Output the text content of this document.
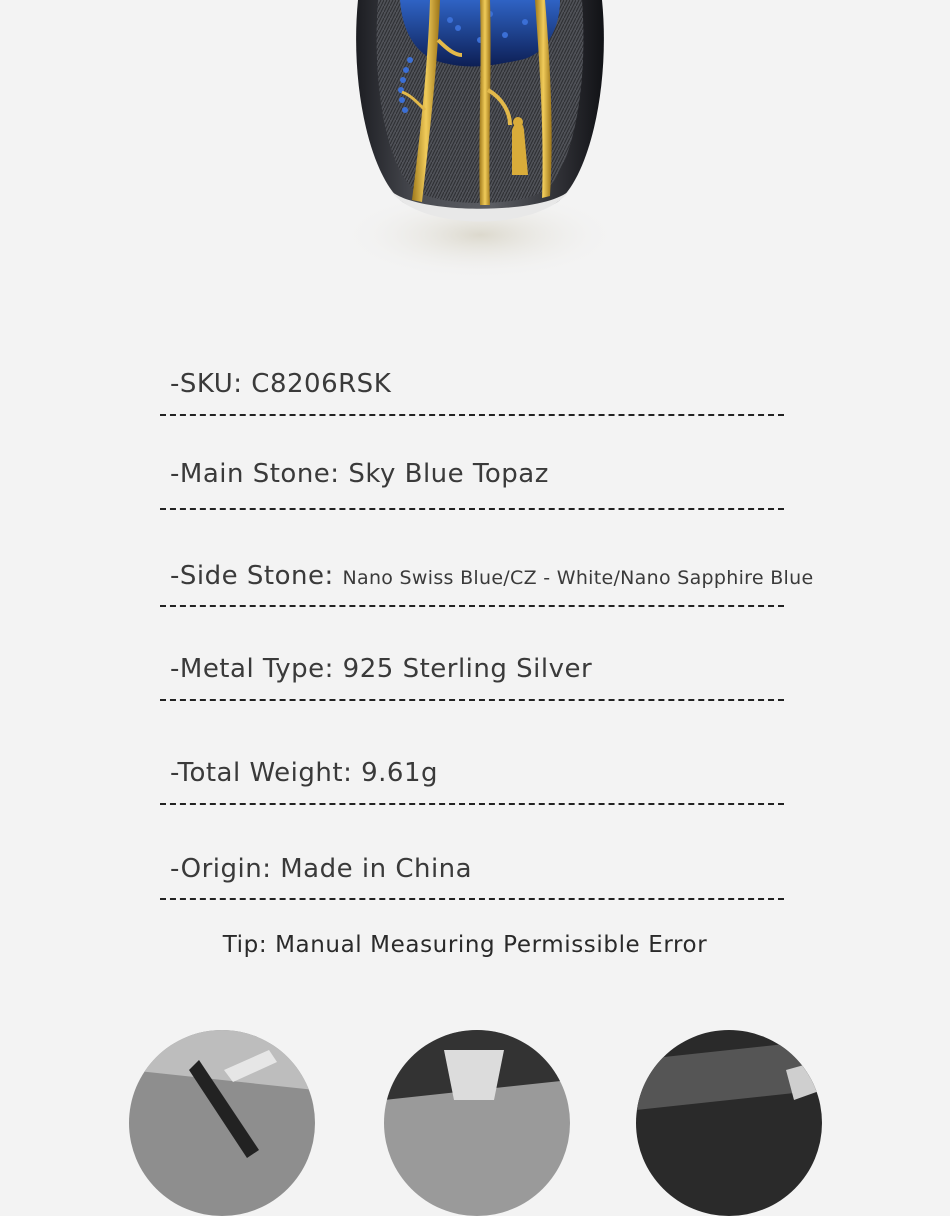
-SKU: C8206RSK
-Main Stone: Sky Blue Topaz
-Side Stone: Nano Swiss Blue/CZ - White/Nano Sapphire Blue
-Metal Type: 925 Sterling Silver
-Total Weight: 9.61g
-Origin: Made in China
Tip: Manual Measuring Permissible Error
